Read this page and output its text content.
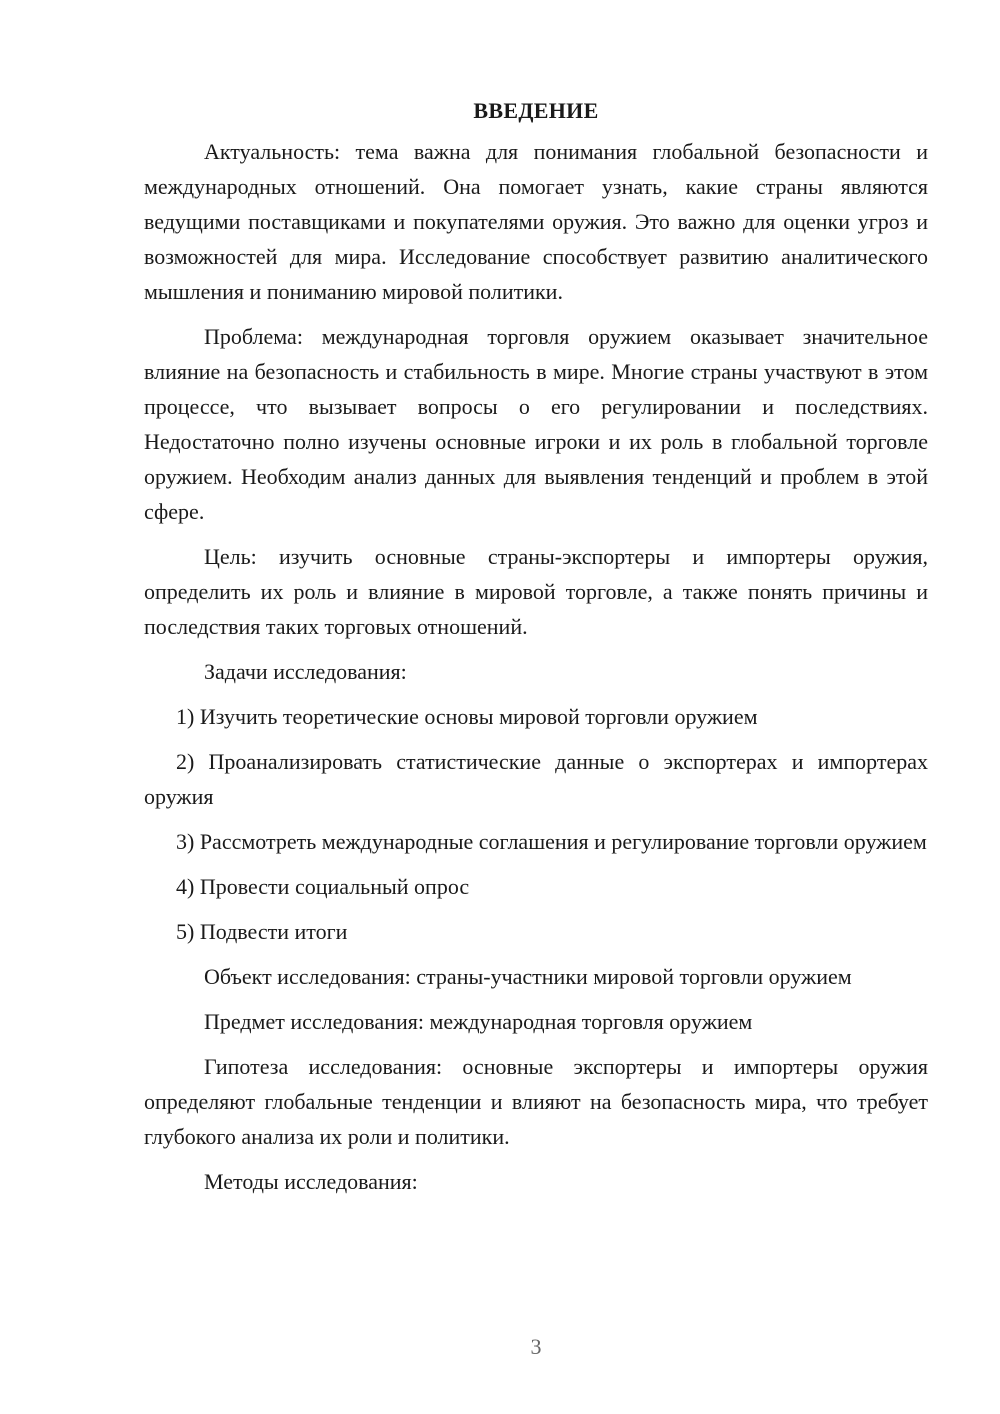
ВВЕДЕНИЕ

Актуальность: тема важна для понимания глобальной безопасности и международных отношений. Она помогает узнать, какие страны являются ведущими поставщиками и покупателями оружия. Это важно для оценки угроз и возможностей для мира. Исследование способствует развитию аналитического мышления и пониманию мировой политики.

Проблема: международная торговля оружием оказывает значительное влияние на безопасность и стабильность в мире. Многие страны участвуют в этом процессе, что вызывает вопросы о его регулировании и последствиях. Недостаточно полно изучены основные игроки и их роль в глобальной торговле оружием. Необходим анализ данных для выявления тенденций и проблем в этой сфере.

Цель: изучить основные страны-экспортеры и импортеры оружия, определить их роль и влияние в мировой торговле, а также понять причины и последствия таких торговых отношений.

Задачи исследования:

1) Изучить теоретические основы мировой торговли оружием

2) Проанализировать статистические данные о экспортерах и импортерах оружия

3) Рассмотреть международные соглашения и регулирование торговли оружием

4) Провести социальный опрос

5) Подвести итоги

Объект исследования: страны-участники мировой торговли оружием

Предмет исследования: международная торговля оружием

Гипотеза исследования: основные экспортеры и импортеры оружия определяют глобальные тенденции и влияют на безопасность мира, что требует глубокого анализа их роли и политики.

Методы исследования:

3
